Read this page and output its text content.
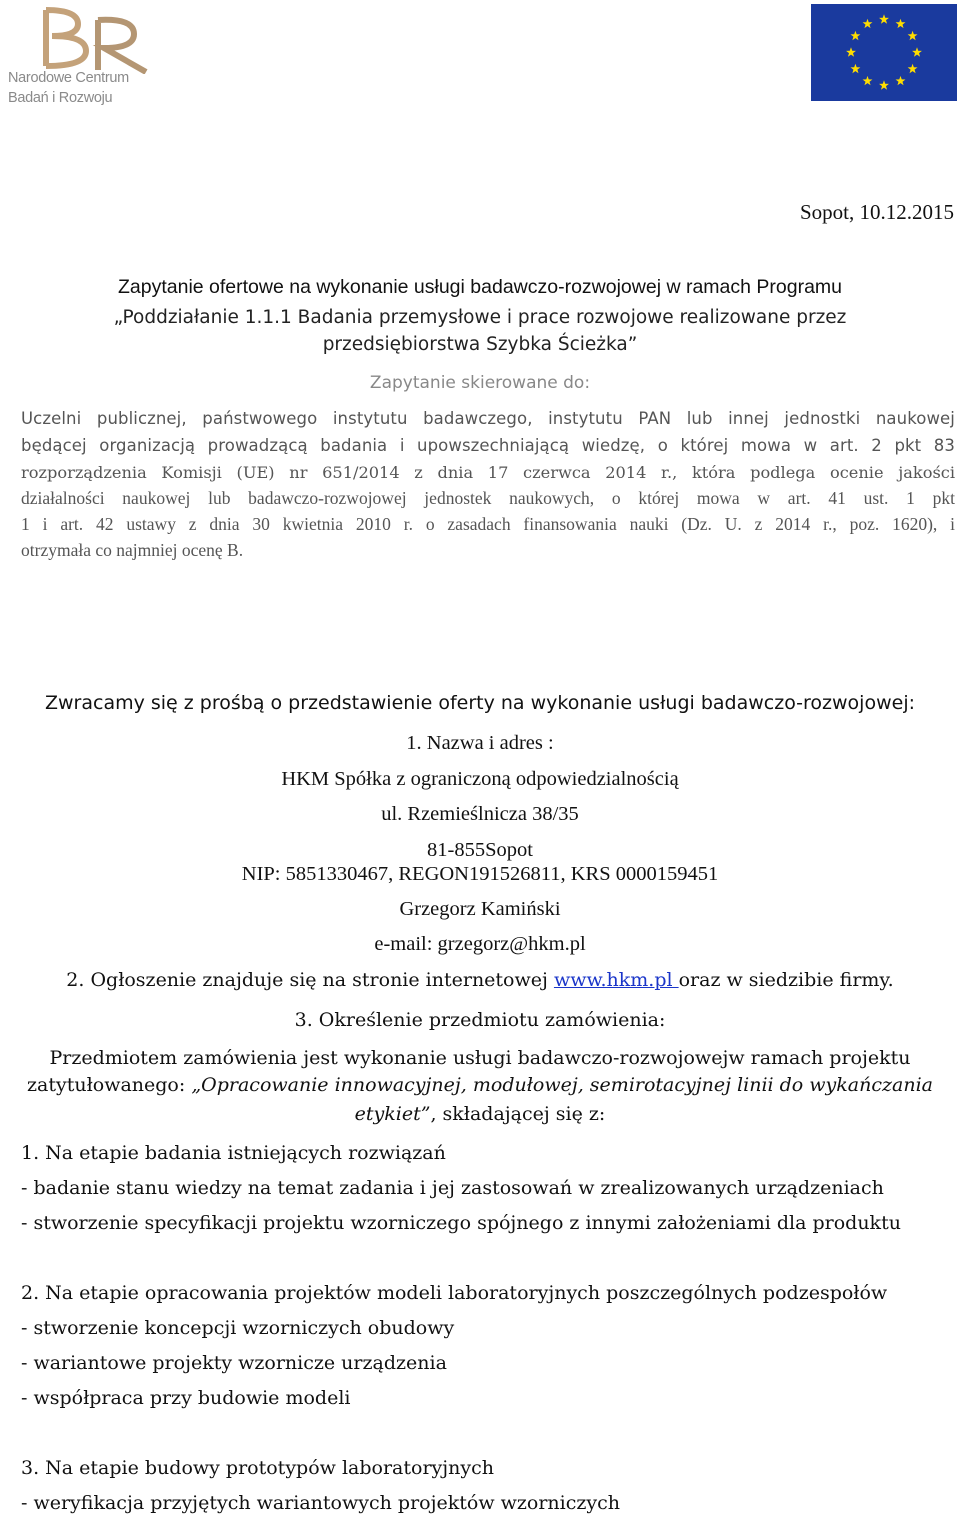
Narodowe Centrum
Badań i Rozwoju

Sopot, 10.12.2015

Zapytanie ofertowe na wykonanie usługi badawczo-rozwojowej w ramach Programu

„Poddziałanie 1.1.1 Badania przemysłowe i prace rozwojowe realizowane przez

przedsiębiorstwa Szybka Ścieżka”

Zapytanie skierowane do:

Uczelni publicznej, państwowego instytutu badawczego, instytutu PAN lub innej jednostki naukowej

będącej organizacją prowadzącą badania i upowszechniającą wiedzę, o której mowa w art. 2 pkt 83

rozporządzenia Komisji (UE) nr 651/2014 z dnia 17 czerwca 2014 r., która podlega ocenie jakości

działalności naukowej lub badawczo-rozwojowej jednostek naukowych, o której mowa w art. 41 ust. 1 pkt

1 i art. 42 ustawy z dnia 30 kwietnia 2010 r. o zasadach finansowania nauki (Dz. U. z 2014 r., poz. 1620), i

otrzymała co najmniej ocenę B.

Zwracamy się z prośbą o przedstawienie oferty na wykonanie usługi badawczo-rozwojowej:

1. Nazwa i adres :

HKM Spółka z ograniczoną odpowiedzialnością

ul. Rzemieślnicza 38/35

81-855Sopot

NIP: 5851330467, REGON191526811, KRS 0000159451

Grzegorz Kamiński

e-mail: grzegorz@hkm.pl

2. Ogłoszenie znajduje się na stronie internetowej www.hkm.pl oraz w siedzibie firmy.

3. Określenie przedmiotu zamówienia:

Przedmiotem zamówienia jest wykonanie usługi badawczo-rozwojowejw ramach projektu

zatytułowanego: „Opracowanie innowacyjnej, modułowej, semirotacyjnej linii do wykańczania

etykiet”, składającej się z:

1. Na etapie badania istniejących rozwiązań

- badanie stanu wiedzy na temat zadania i jej zastosowań w zrealizowanych urządzeniach

- stworzenie specyfikacji projektu wzorniczego spójnego z innymi założeniami dla produktu

2. Na etapie opracowania projektów modeli laboratoryjnych poszczególnych podzespołów

- stworzenie koncepcji wzorniczych obudowy

- wariantowe projekty wzornicze urządzenia

- współpraca przy budowie modeli

3. Na etapie budowy prototypów laboratoryjnych

- weryfikacja przyjętych wariantowych projektów wzorniczych
